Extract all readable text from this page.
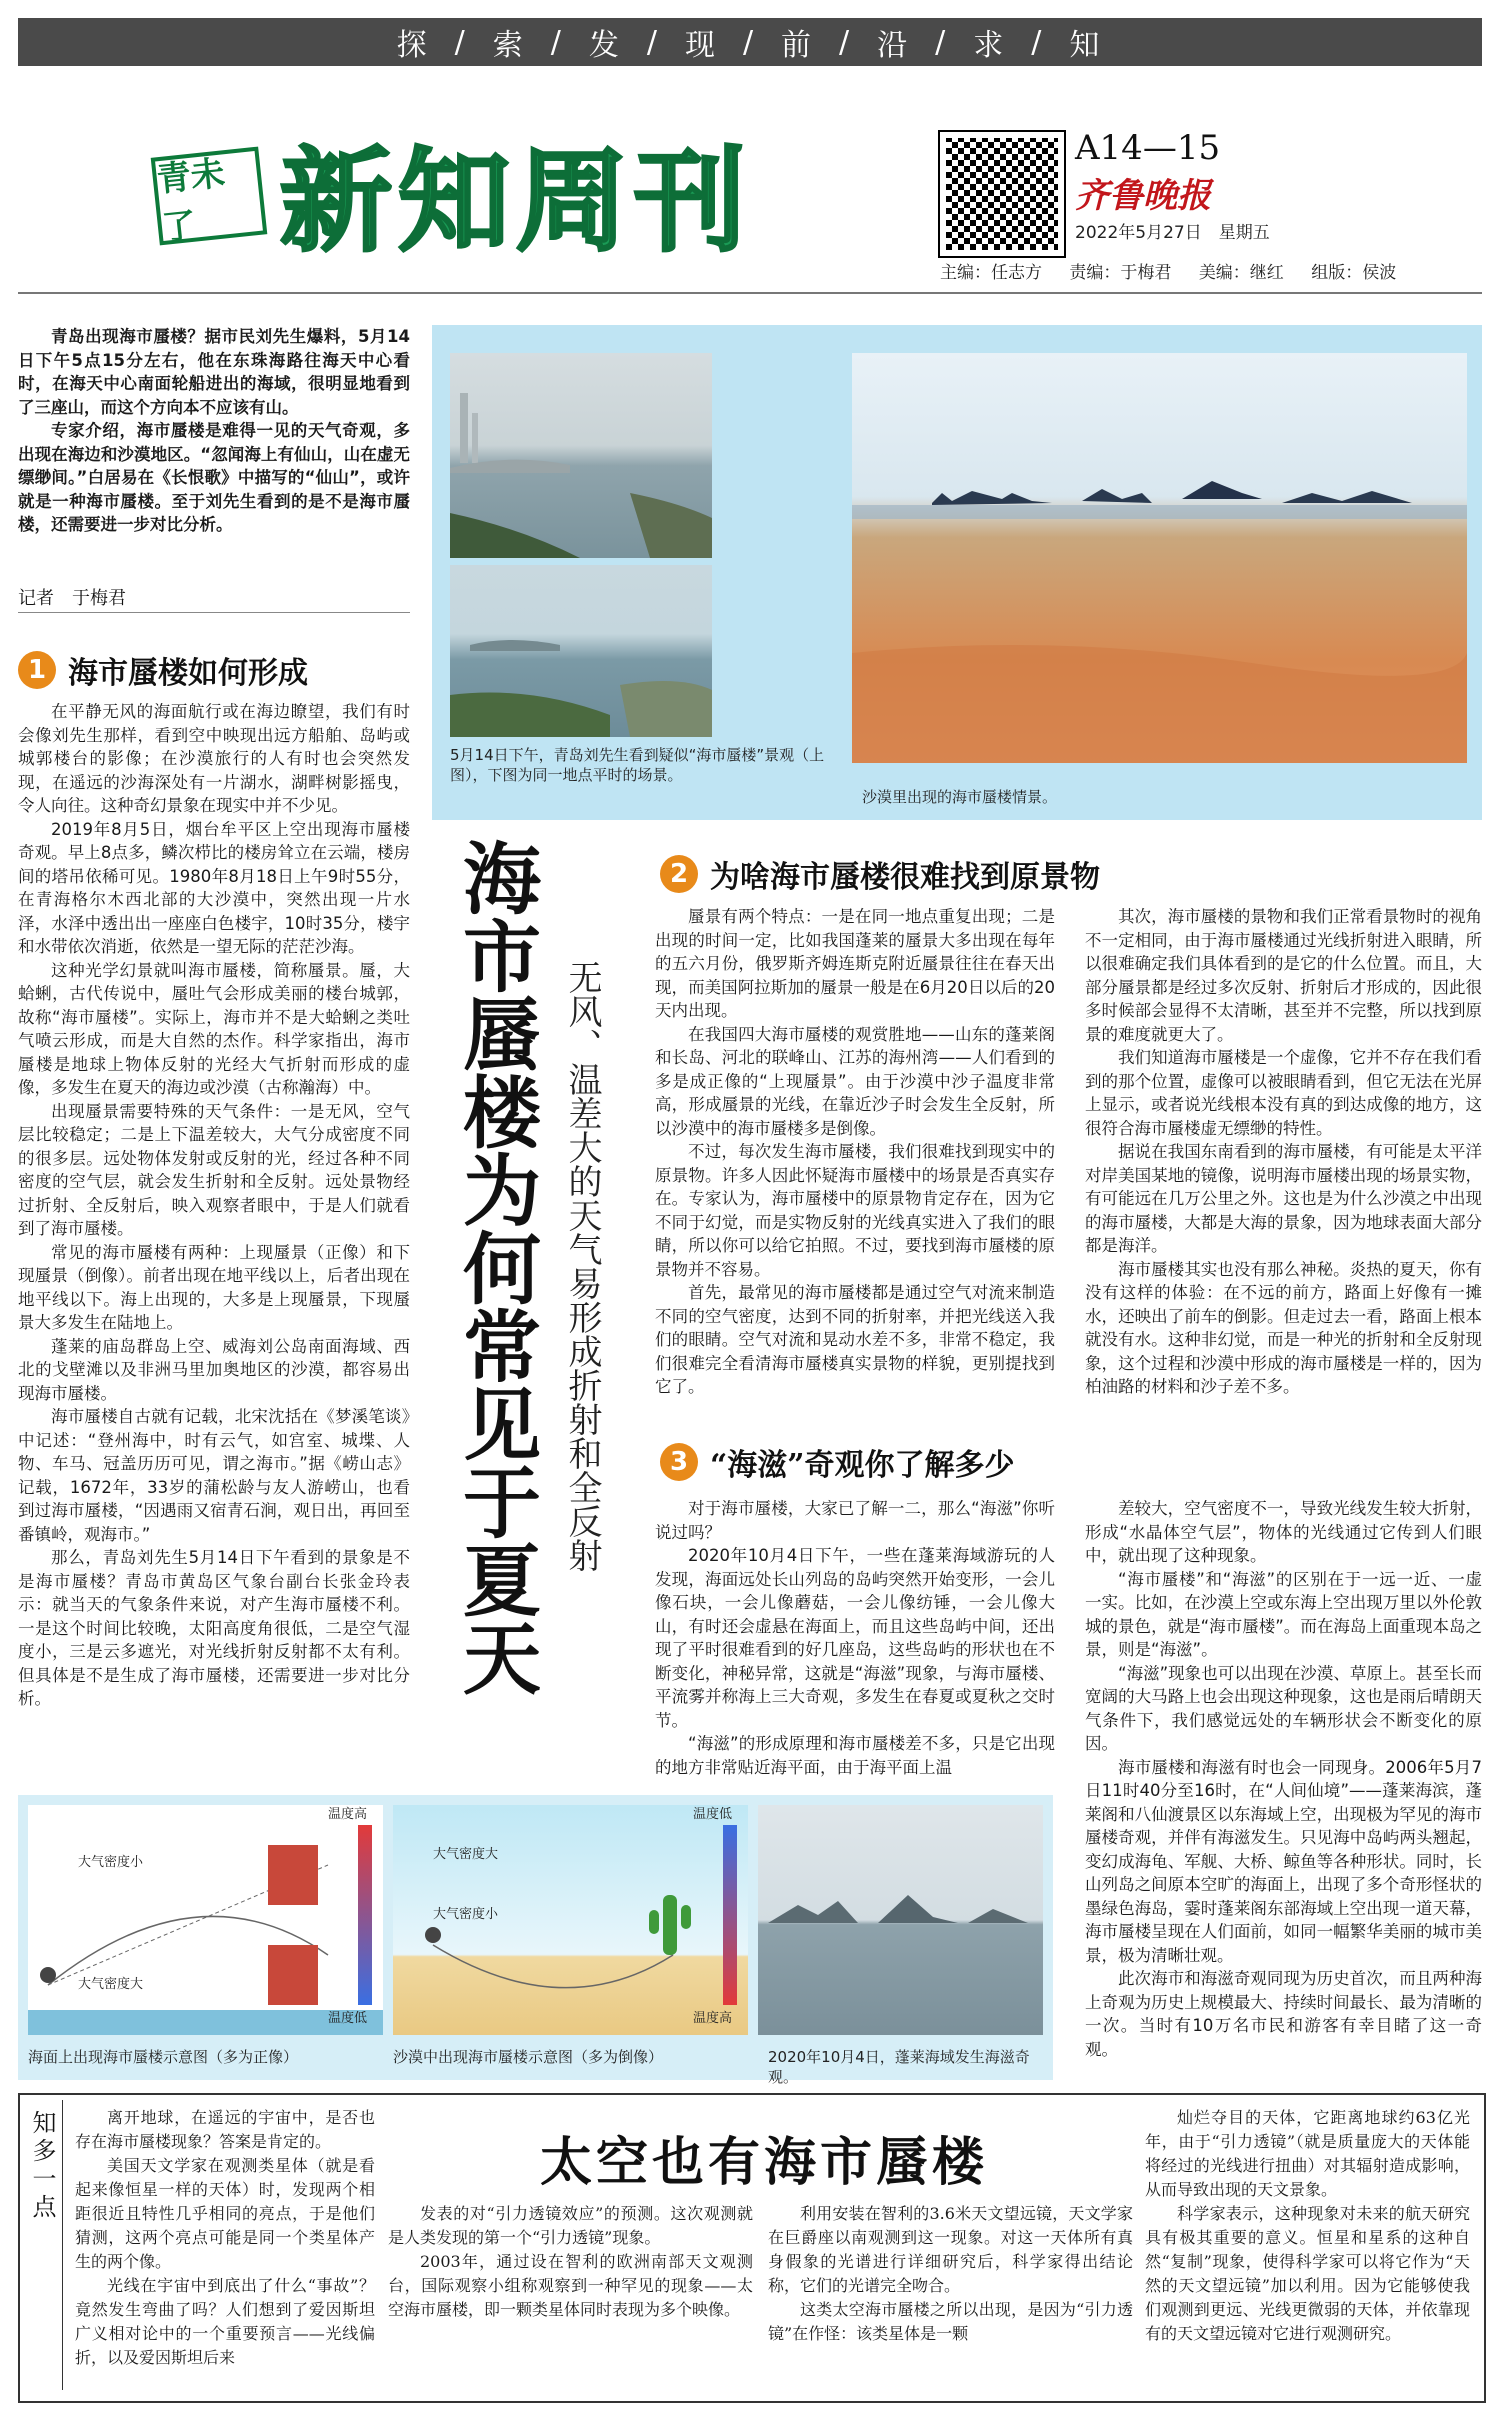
探 / 索 / 发 / 现 / 前 / 沿 / 求 / 知
青未了 新知周刊	A14—15
齐鲁晚报
2022年5月27日　星期五
主编：任志方 责编：于梅君 美编：继红 组版：侯波

青岛出现海市蜃楼？据市民刘先生爆料，5月14日下午5点15分左右，他在东珠海路往海天中心看时，在海天中心南面轮船进出的海域，很明显地看到了三座山，而这个方向本不应该有山。

专家介绍，海市蜃楼是难得一见的天气奇观，多出现在海边和沙漠地区。“忽闻海上有仙山，山在虚无缥缈间。”白居易在《长恨歌》中描写的“仙山”，或许就是一种海市蜃楼。至于刘先生看到的是不是海市蜃楼，还需要进一步对比分析。

记者　于梅君
5月14日下午，青岛刘先生看到疑似“海市蜃楼”景观（上图），下图为同一地点平时的场景。
沙漠里出现的海市蜃楼情景。
1 海市蜃楼如何形成

在平静无风的海面航行或在海边瞭望，我们有时会像刘先生那样，看到空中映现出远方船舶、岛屿或城郭楼台的影像；在沙漠旅行的人有时也会突然发现，在遥远的沙海深处有一片湖水，湖畔树影摇曳，令人向往。这种奇幻景象在现实中并不少见。

2019年8月5日，烟台牟平区上空出现海市蜃楼奇观。早上8点多，鳞次栉比的楼房耸立在云端，楼房间的塔吊依稀可见。1980年8月18日上午9时55分，在青海格尔木西北部的大沙漠中，突然出现一片水泽，水泽中透出出一座座白色楼宇，10时35分，楼宇和水带依次消逝，依然是一望无际的茫茫沙海。

这种光学幻景就叫海市蜃楼，简称蜃景。蜃，大蛤蜊，古代传说中，蜃吐气会形成美丽的楼台城郭，故称“海市蜃楼”。实际上，海市并不是大蛤蜊之类吐气喷云形成，而是大自然的杰作。科学家指出，海市蜃楼是地球上物体反射的光经大气折射而形成的虚像，多发生在夏天的海边或沙漠（古称瀚海）中。

出现蜃景需要特殊的天气条件：一是无风，空气层比较稳定；二是上下温差较大，大气分成密度不同的很多层。远处物体发射或反射的光，经过各种不同密度的空气层，就会发生折射和全反射。远处景物经过折射、全反射后，映入观察者眼中，于是人们就看到了海市蜃楼。

常见的海市蜃楼有两种：上现蜃景（正像）和下现蜃景（倒像）。前者出现在地平线以上，后者出现在地平线以下。海上出现的，大多是上现蜃景，下现蜃景大多发生在陆地上。

蓬莱的庙岛群岛上空、威海刘公岛南面海域、西北的戈壁滩以及非洲马里加奥地区的沙漠，都容易出现海市蜃楼。

海市蜃楼自古就有记载，北宋沈括在《梦溪笔谈》中记述：“登州海中，时有云气，如宫室、城堞、人物、车马、冠盖历历可见，谓之海市。”据《崂山志》记载，1672年，33岁的蒲松龄与友人游崂山，也看到过海市蜃楼，“因遇雨又宿青石涧，观日出，再回至番镇岭，观海市。”

那么，青岛刘先生5月14日下午看到的景象是不是海市蜃楼？青岛市黄岛区气象台副台长张金玲表示：就当天的气象条件来说，对产生海市蜃楼不利。一是这个时间比较晚，太阳高度角很低，二是空气湿度小，三是云多遮光，对光线折射反射都不太有利。但具体是不是生成了海市蜃楼，还需要进一步对比分析。

海市蜃楼为何常见于夏天 无风、温差大的天气易形成折射和全反射
2 为啥海市蜃楼很难找到原景物

蜃景有两个特点：一是在同一地点重复出现；二是出现的时间一定，比如我国蓬莱的蜃景大多出现在每年的五六月份，俄罗斯齐姆连斯克附近蜃景往往在春天出现，而美国阿拉斯加的蜃景一般是在6月20日以后的20天内出现。

在我国四大海市蜃楼的观赏胜地——山东的蓬莱阁和长岛、河北的联峰山、江苏的海州湾——人们看到的多是成正像的“上现蜃景”。由于沙漠中沙子温度非常高，形成蜃景的光线，在靠近沙子时会发生全反射，所以沙漠中的海市蜃楼多是倒像。

不过，每次发生海市蜃楼，我们很难找到现实中的原景物。许多人因此怀疑海市蜃楼中的场景是否真实存在。专家认为，海市蜃楼中的原景物肯定存在，因为它不同于幻觉，而是实物反射的光线真实进入了我们的眼睛，所以你可以给它拍照。不过，要找到海市蜃楼的原景物并不容易。

首先，最常见的海市蜃楼都是通过空气对流来制造不同的空气密度，达到不同的折射率，并把光线送入我们的眼睛。空气对流和晃动水差不多，非常不稳定，我们很难完全看清海市蜃楼真实景物的样貌，更别提找到它了。

其次，海市蜃楼的景物和我们正常看景物时的视角不一定相同，由于海市蜃楼通过光线折射进入眼睛，所以很难确定我们具体看到的是它的什么位置。而且，大部分蜃景都是经过多次反射、折射后才形成的，因此很多时候部会显得不太清晰，甚至并不完整，所以找到原景的难度就更大了。

我们知道海市蜃楼是一个虚像，它并不存在我们看到的那个位置，虚像可以被眼睛看到，但它无法在光屏上显示，或者说光线根本没有真的到达成像的地方，这很符合海市蜃楼虚无缥缈的特性。

据说在我国东南看到的海市蜃楼，有可能是太平洋对岸美国某地的镜像，说明海市蜃楼出现的场景实物，有可能远在几万公里之外。这也是为什么沙漠之中出现的海市蜃楼，大都是大海的景象，因为地球表面大部分都是海洋。

海市蜃楼其实也没有那么神秘。炎热的夏天，你有没有这样的体验：在不远的前方，路面上好像有一摊水，还映出了前车的倒影。但走过去一看，路面上根本就没有水。这种非幻觉，而是一种光的折射和全反射现象，这个过程和沙漠中形成的海市蜃楼是一样的，因为柏油路的材料和沙子差不多。

3 “海滋”奇观你了解多少

对于海市蜃楼，大家已了解一二，那么“海滋”你听说过吗？

2020年10月4日下午，一些在蓬莱海域游玩的人发现，海面远处长山列岛的岛屿突然开始变形，一会儿像石块，一会儿像蘑菇，一会儿像纺锤，一会儿像大山，有时还会虚悬在海面上，而且这些岛屿中间，还出现了平时很难看到的好几座岛，这些岛屿的形状也在不断变化，神秘异常，这就是“海滋”现象，与海市蜃楼、平流雾并称海上三大奇观，多发生在春夏或夏秋之交时节。

“海滋”的形成原理和海市蜃楼差不多，只是它出现的地方非常贴近海平面，由于海平面上温

差较大，空气密度不一，导致光线发生较大折射，形成“水晶体空气层”，物体的光线通过它传到人们眼中，就出现了这种现象。

“海市蜃楼”和“海滋”的区别在于一远一近、一虚一实。比如，在沙漠上空或东海上空出现万里以外伦敦城的景色，就是“海市蜃楼”。而在海岛上面重现本岛之景，则是“海滋”。

“海滋”现象也可以出现在沙漠、草原上。甚至长而宽阔的大马路上也会出现这种现象，这也是雨后晴朗天气条件下，我们感觉远处的车辆形状会不断变化的原因。

海市蜃楼和海滋有时也会一同现身。2006年5月7日11时40分至16时，在“人间仙境”——蓬莱海滨，蓬莱阁和八仙渡景区以东海域上空，出现极为罕见的海市蜃楼奇观，并伴有海滋发生。只见海中岛屿两头翘起，变幻成海龟、军舰、大桥、鲸鱼等各种形状。同时，长山列岛之间原本空旷的海面上，出现了多个奇形怪状的墨绿色海岛，霎时蓬莱阁东部海域上空出现一道天幕，海市蜃楼呈现在人们面前，如同一幅繁华美丽的城市美景，极为清晰壮观。

此次海市和海滋奇观同现为历史首次，而且两种海上奇观为历史上规模最大、持续时间最长、最为清晰的一次。当时有10万名市民和游客有幸目睹了这一奇观。

大气密度小
大气密度大
温度高
温度低
海面上出现海市蜃楼示意图（多为正像）
大气密度大
大气密度小
温度低
温度高
沙漠中出现海市蜃楼示意图（多为倒像）	2020年10月4日，蓬莱海域发生海滋奇观。
知多一点	太空也有海市蜃楼

离开地球，在遥远的宇宙中，是否也存在海市蜃楼现象？答案是肯定的。

美国天文学家在观测类星体（就是看起来像恒星一样的天体）时，发现两个相距很近且特性几乎相同的亮点，于是他们猜测，这两个亮点可能是同一个类星体产生的两个像。

光线在宇宙中到底出了什么“事故”？竟然发生弯曲了吗？人们想到了爱因斯坦广义相对论中的一个重要预言——光线偏折，以及爱因斯坦后来

发表的对“引力透镜效应”的预测。这次观测就是人类发现的第一个“引力透镜”现象。

2003年，通过设在智利的欧洲南部天文观测台，国际观察小组称观察到一种罕见的现象——太空海市蜃楼，即一颗类星体同时表现为多个映像。

利用安装在智利的3.6米天文望远镜，天文学家在巨爵座以南观测到这一现象。对这一天体所有真身假象的光谱进行详细研究后，科学家得出结论称，它们的光谱完全吻合。

这类太空海市蜃楼之所以出现，是因为“引力透镜”在作怪：该类星体是一颗

灿烂夺目的天体，它距离地球约63亿光年，由于“引力透镜”（就是质量庞大的天体能将经过的光线进行扭曲）对其辐射造成影响，从而导致出现的天文景象。

科学家表示，这种现象对未来的航天研究具有极其重要的意义。恒星和星系的这种自然“复制”现象，使得科学家可以将它作为“天然的天文望远镜”加以利用。因为它能够使我们观测到更远、光线更微弱的天体，并依靠现有的天文望远镜对它进行观测研究。
